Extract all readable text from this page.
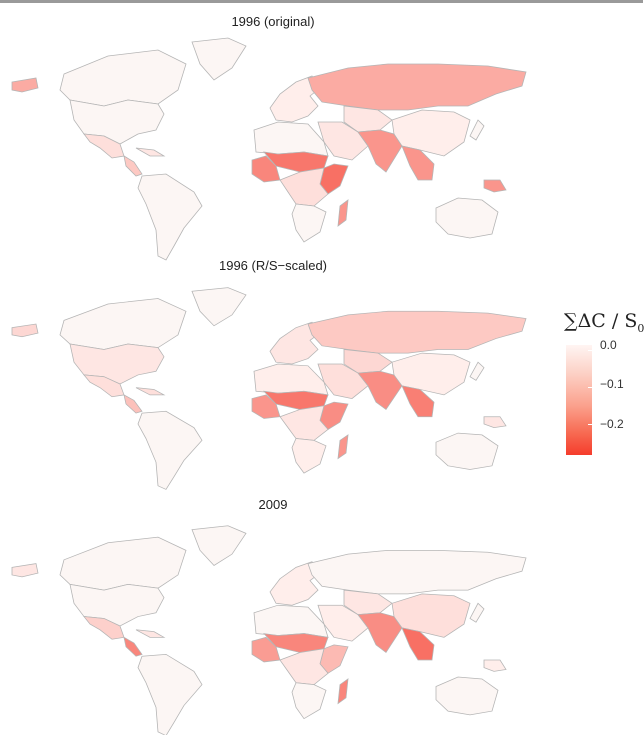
1996 (original)
1996 (R/S−scaled)
2009
$\sum\Delta C / S_0$
0.0
−0.1
−0.2
